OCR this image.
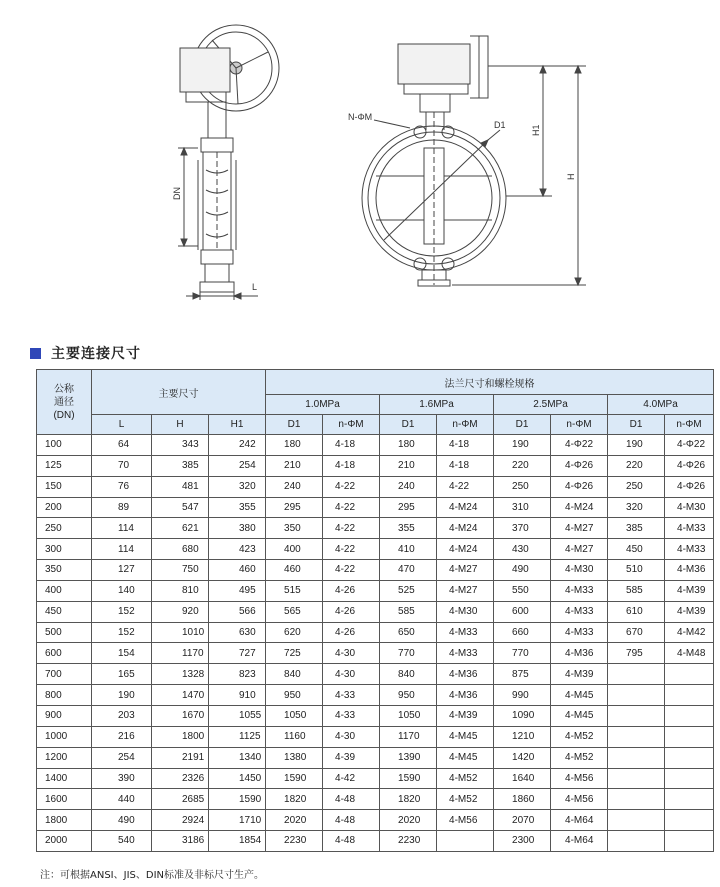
DN
L
N-ΦM
D1	H1
H
主要连接尺寸
公称
通径
(DN)	主要尺寸			法兰尺寸和螺栓规格							
				1.0MPa		1.6MPa		2.5MPa		4.0MPa	
	L	H	H1	D1	n-ΦM	D1	n-ΦM	D1	n-ΦM	D1	n-ΦM
100	64	343	242	180	4-18	180	4-18	190	4-Φ22	190	4-Φ22
125	70	385	254	210	4-18	210	4-18	220	4-Φ26	220	4-Φ26
150	76	481	320	240	4-22	240	4-22	250	4-Φ26	250	4-Φ26
200	89	547	355	295	4-22	295	4-M24	310	4-M24	320	4-M30
250	114	621	380	350	4-22	355	4-M24	370	4-M27	385	4-M33
300	114	680	423	400	4-22	410	4-M24	430	4-M27	450	4-M33
350	127	750	460	460	4-22	470	4-M27	490	4-M30	510	4-M36
400	140	810	495	515	4-26	525	4-M27	550	4-M33	585	4-M39
450	152	920	566	565	4-26	585	4-M30	600	4-M33	610	4-M39
500	152	1010	630	620	4-26	650	4-M33	660	4-M33	670	4-M42
600	154	1170	727	725	4-30	770	4-M33	770	4-M36	795	4-M48
700	165	1328	823	840	4-30	840	4-M36	875	4-M39		
800	190	1470	910	950	4-33	950	4-M36	990	4-M45		
900	203	1670	1055	1050	4-33	1050	4-M39	1090	4-M45		
1000	216	1800	1125	1160	4-30	1170	4-M45	1210	4-M52		
1200	254	2191	1340	1380	4-39	1390	4-M45	1420	4-M52		
1400	390	2326	1450	1590	4-42	1590	4-M52	1640	4-M56		
1600	440	2685	1590	1820	4-48	1820	4-M52	1860	4-M56		
1800	490	2924	1710	2020	4-48	2020	4-M56	2070	4-M64		
2000	540	3186	1854	2230	4-48	2230		2300	4-M64		
注：可根据ANSI、JIS、DIN标准及非标尺寸生产。
